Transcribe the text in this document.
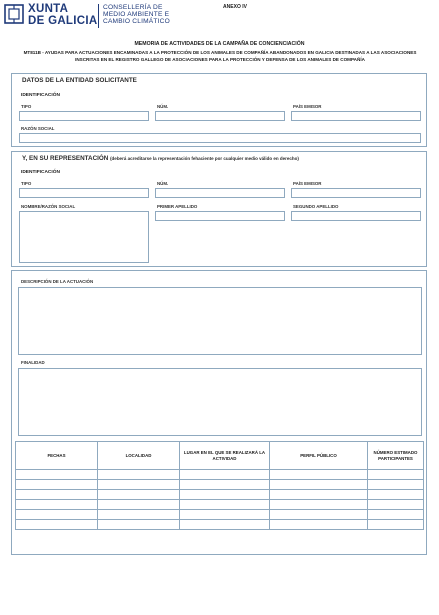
XUNTA
DE GALICIA
CONSELLERÍA DE
MEDIO AMBIENTE E
CAMBIO CLIMÁTICO
ANEXO IV
MEMORIA DE ACTIVIDADES DE LA CAMPAÑA DE CONCIENCIACIÓN
MT811B - AYUDAS PARA ACTUACIONES ENCAMINADAS A LA PROTECCIÓN DE LOS ANIMALES DE COMPAÑÍA ABANDONADOS EN GALICIA DESTINADAS A LAS ASOCIACIONES INSCRITAS EN EL REGISTRO GALLEGO DE ASOCIACIONES PARA LA PROTECCIÓN Y DEFENSA DE LOS ANIMALES DE COMPAÑÍA
DATOS DE LA ENTIDAD SOLICITANTE
IDENTIFICACIÓN
TIPO	NÚM.	PAÍS EMISOR
RAZÓN SOCIAL
Y, EN SU REPRESENTACIÓN (deberá acreditarse la representación fehaciente por cualquier medio válido en derecho)
IDENTIFICACIÓN
TIPO	NÚM.	PAÍS EMISOR
NOMBRE/RAZÓN SOCIAL	PRIMER APELLIDO	SEGUNDO APELLIDO
DESCRIPCIÓN DE LA ACTUACIÓN
FINALIDAD
FECHAS	LOCALIDAD	LUGAR EN EL QUE SE REALIZARÁ LA ACTIVIDAD	PERFIL PÚBLICO	NÚMERO ESTIMADO PARTICIPANTES
